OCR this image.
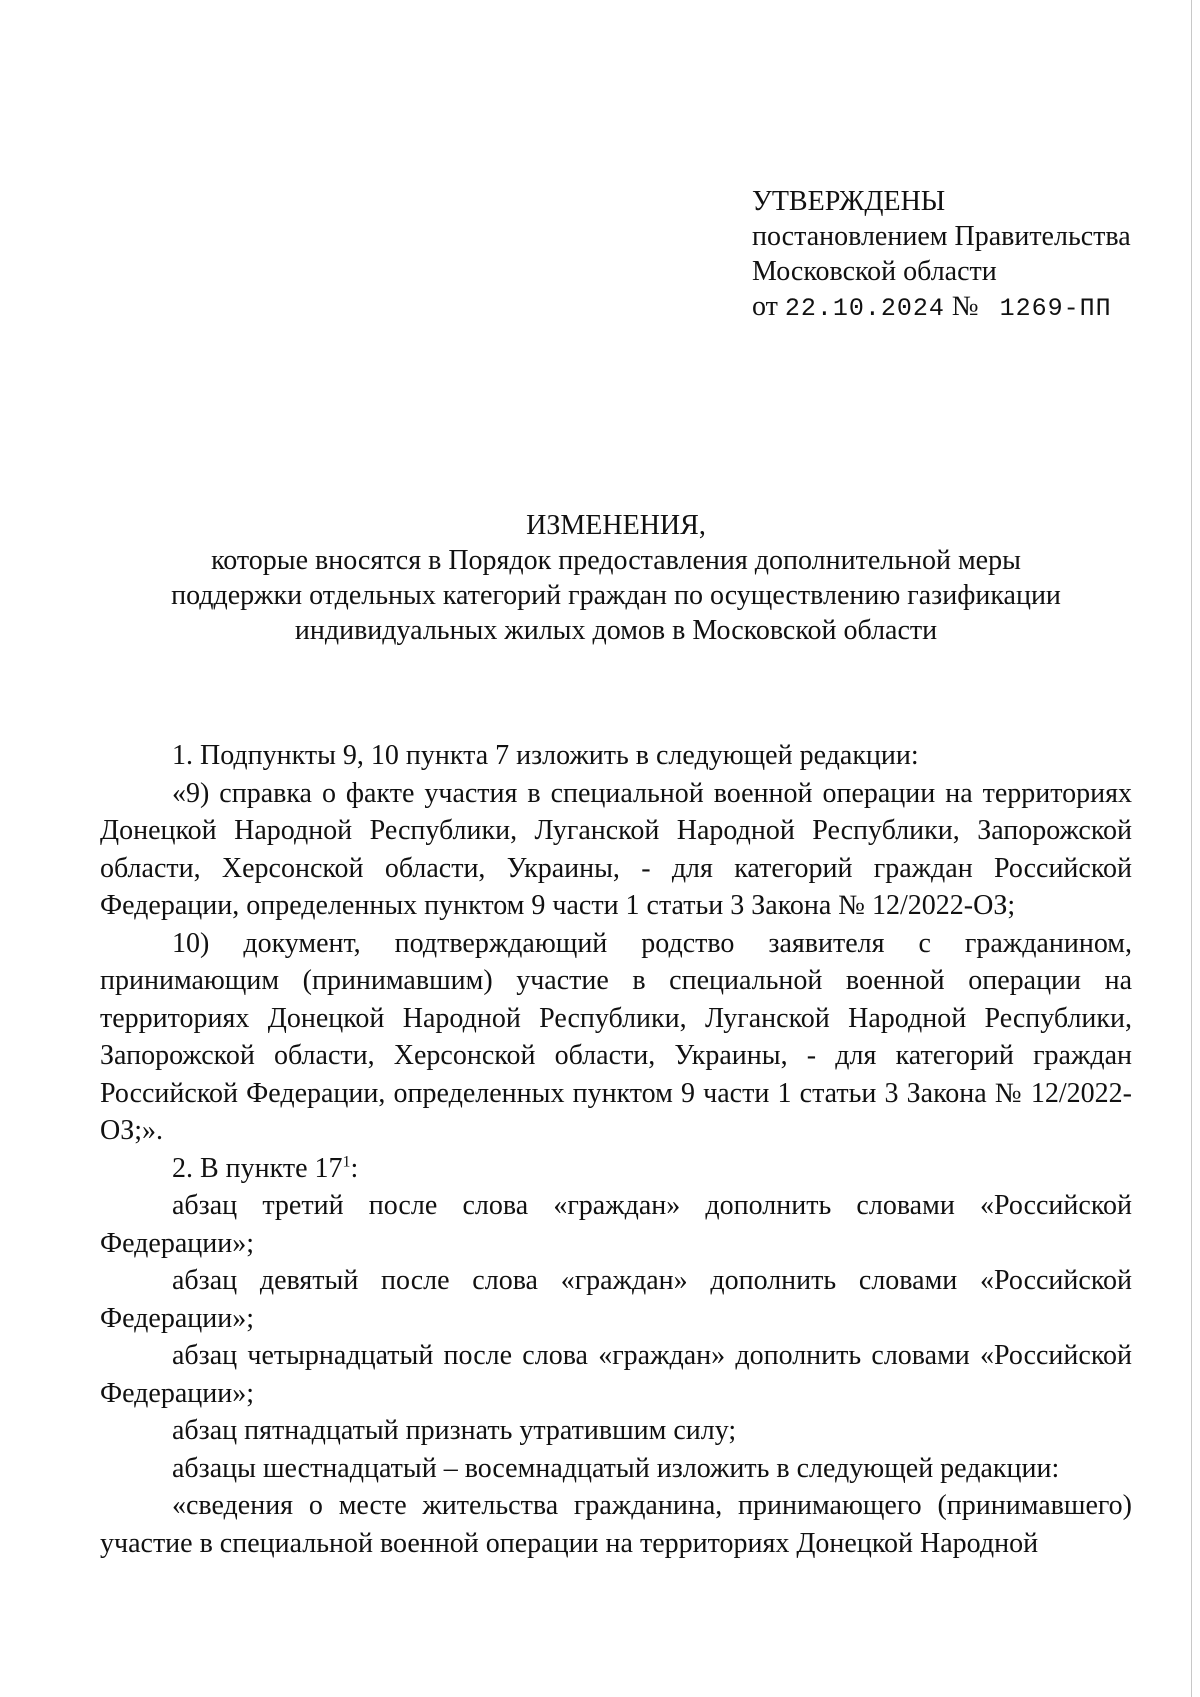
УТВЕРЖДЕНЫ
постановлением Правительства
Московской области
от 22.10.2024 № 1269-ПП
ИЗМЕНЕНИЯ,
которые вносятся в Порядок предоставления дополнительной меры
поддержки отдельных категорий граждан по осуществлению газификации
индивидуальных жилых домов в Московской области

1. Подпункты 9, 10 пункта 7 изложить в следующей редакции:

«9) справка о факте участия в специальной военной операции на территориях Донецкой Народной Республики, Луганской Народной Республики, Запорожской области, Херсонской области, Украины, - для категорий граждан Российской Федерации, определенных пунктом 9 части 1 статьи 3 Закона № 12/2022-ОЗ;

10) документ, подтверждающий родство заявителя с гражданином, принимающим (принимавшим) участие в специальной военной операции на территориях Донецкой Народной Республики, Луганской Народной Республики, Запорожской области, Херсонской области, Украины, - для категорий граждан Российской Федерации, определенных пунктом 9 части 1 статьи 3 Закона № 12/2022-ОЗ;».

2. В пункте $17^1$:

абзац третий после слова «граждан» дополнить словами «Российской Федерации»;

абзац девятый после слова «граждан» дополнить словами «Российской Федерации»;

абзац четырнадцатый после слова «граждан» дополнить словами «Российской Федерации»;

абзац пятнадцатый признать утратившим силу;

абзацы шестнадцатый – восемнадцатый изложить в следующей редакции:

«сведения о месте жительства гражданина, принимающего (принимавшего) участие в специальной военной операции на территориях Донецкой Народной
